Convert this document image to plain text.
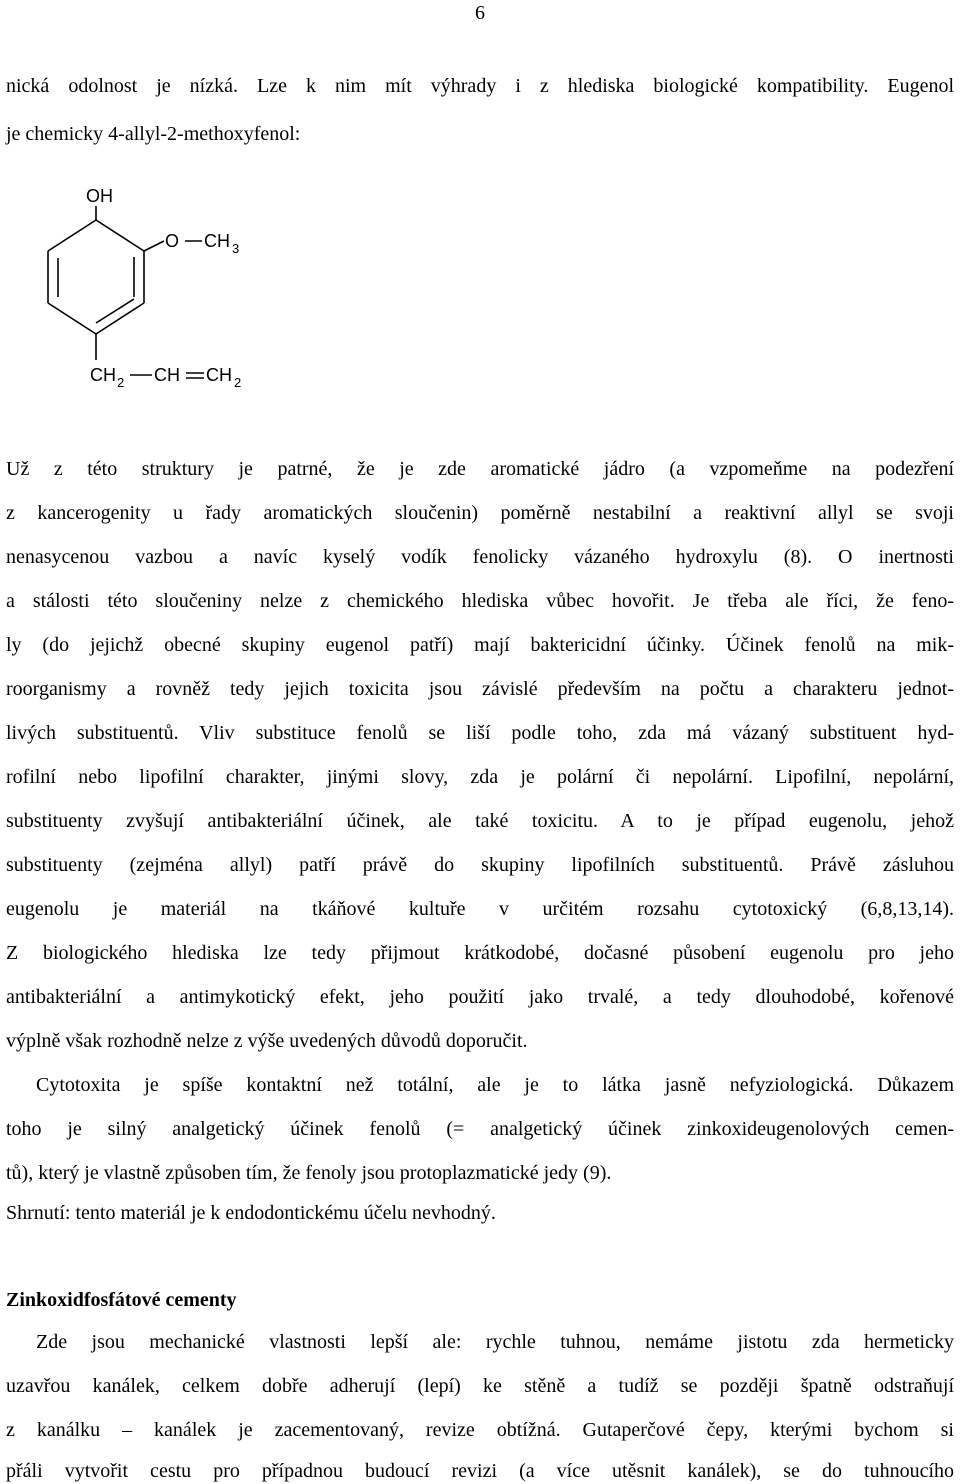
6
nická odolnost je nízká. Lze k nim mít výhrady i z hlediska biologické kompatibility. Eugenol
je chemicky 4-allyl-2-methoxyfenol:
OH
O CH 3
CH 2 CH CH 2
Už z této struktury je patrné, že je zde aromatické jádro (a vzpomeňme na podezření
z kancerogenity u řady aromatických sloučenin) poměrně nestabilní a reaktivní allyl se svoji
nenasycenou vazbou a navíc kyselý vodík fenolicky vázaného hydroxylu (8). O inertnosti
a stálosti této sloučeniny nelze z chemického hlediska vůbec hovořit. Je třeba ale říci, že feno-
ly (do jejichž obecné skupiny eugenol patří) mají baktericidní účinky. Účinek fenolů na mik-
roorganismy a rovněž tedy jejich toxicita jsou závislé především na počtu a charakteru jednot-
livých substituentů. Vliv substituce fenolů se liší podle toho, zda má vázaný substituent hyd-
rofilní nebo lipofilní charakter, jinými slovy, zda je polární či nepolární. Lipofilní, nepolární,
substituenty zvyšují antibakteriální účinek, ale také toxicitu. A to je případ eugenolu, jehož
substituenty (zejména allyl) patří právě do skupiny lipofilních substituentů. Právě zásluhou
eugenolu je materiál na tkáňové kultuře v určitém rozsahu cytotoxický (6,8,13,14).
Z biologického hlediska lze tedy přijmout krátkodobé, dočasné působení eugenolu pro jeho
antibakteriální a antimykotický efekt, jeho použití jako trvalé, a tedy dlouhodobé, kořenové
výplně však rozhodně nelze z výše uvedených důvodů doporučit.
Cytotoxita je spíše kontaktní než totální, ale je to látka jasně nefyziologická. Důkazem
toho je silný analgetický účinek fenolů (= analgetický účinek zinkoxideugenolových cemen-
tů), který je vlastně způsoben tím, že fenoly jsou protoplazmatické jedy (9).
Shrnutí: tento materiál je k endodontickému účelu nevhodný.
Zinkoxidfosfátové cementy
Zde jsou mechanické vlastnosti lepší ale: rychle tuhnou, nemáme jistotu zda hermeticky
uzavřou kanálek, celkem dobře adherují (lepí) ke stěně a tudíž se později špatně odstraňují
z kanálku – kanálek je zacementovaný, revize obtížná. Gutaperčové čepy, kterými bychom si
přáli vytvořit cestu pro případnou budoucí revizi (a více utěsnit kanálek), se do tuhnoucího
